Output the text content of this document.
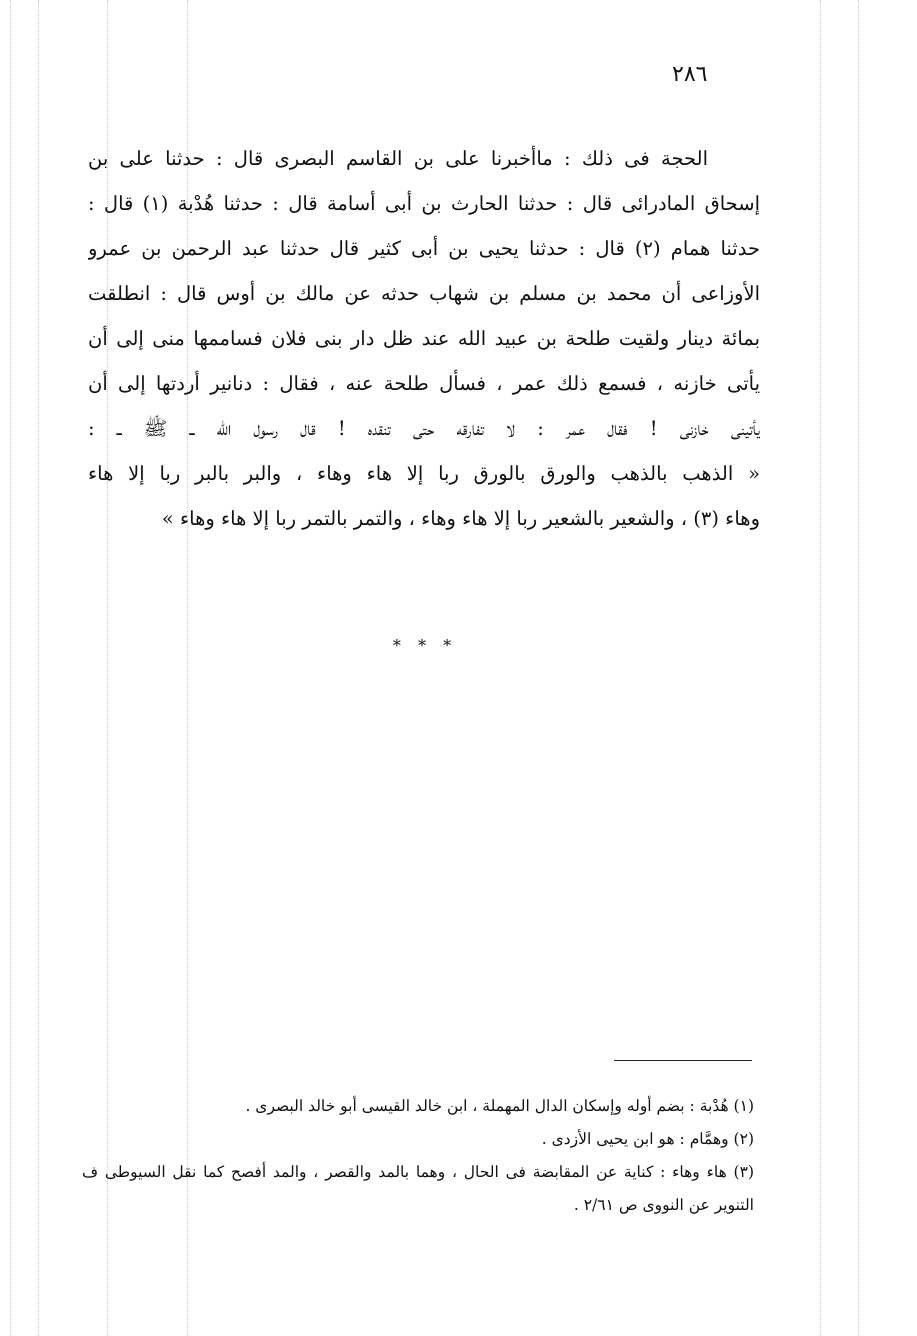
٢٨٦
الحجة فى ذلك : ماأخبرنا على بن القاسم البصرى قال : حدثنا على بن
إسحاق المادرائى قال : حدثنا الحارث بن أبى أسامة قال : حدثنا هُدْبة (١) قال :
حدثنا همام (٢) قال : حدثنا يحيى بن أبى كثير قال حدثنا عبد الرحمن بن عمرو
الأوزاعى أن محمد بن مسلم بن شهاب حدثه عن مالك بن أوس قال : انطلقت
بمائة دينار ولقيت طلحة بن عبيد الله عند ظل دار بنى فلان فساممها منى إلى أن
يأتى خازنه ، فسمع ذلك عمر ، فسأل طلحة عنه ، فقال : دنانير أردتها إلى أن
يأتينى خازنى ! فقال عمر : لا تفارقه حتى تنقده ! قال رسول الله ــ ﷺ ــ :
« الذهب بالذهب والورق بالورق ربا إلا هاء وهاء ، والبر بالبر ربا إلا هاء
وهاء (٣) ، والشعير بالشعير ربا إلا هاء وهاء ، والتمر بالتمر ربا إلا هاء وهاء »
* * *
(١) هُدْبة : بضم أوله وإسكان الدال المهملة ، ابن خالد القيسى أبو خالد البصرى .
(٢) وهمَّام : هو ابن يحيى الأزدى .
(٣) هاء وهاء : كناية عن المقابضة فى الحال ، وهما بالمد والقصر ، والمد أفصح كما نقل السيوطى ف
التنوير عن النووى ص ٢/٦١ .
